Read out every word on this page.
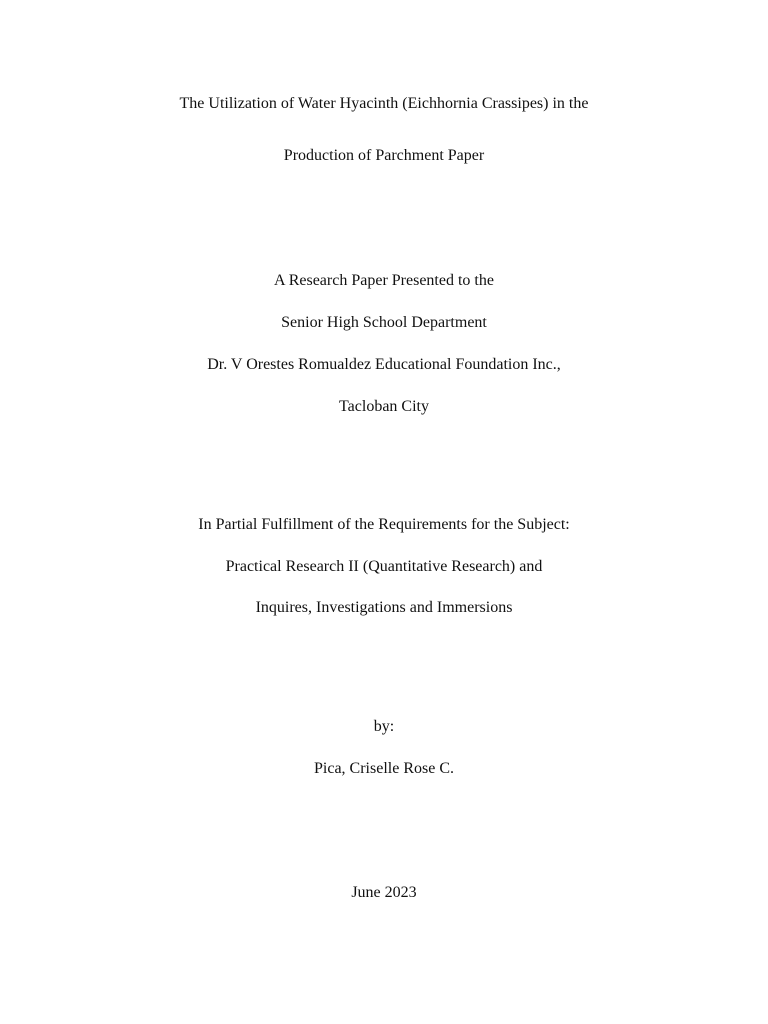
The Utilization of Water Hyacinth (Eichhornia Crassipes) in the
Production of Parchment Paper
A Research Paper Presented to the
Senior High School Department
Dr. V Orestes Romualdez Educational Foundation Inc.,
Tacloban City
In Partial Fulfillment of the Requirements for the Subject:
Practical Research II (Quantitative Research) and
Inquires, Investigations and Immersions
by:
Pica, Criselle Rose C.
June 2023
